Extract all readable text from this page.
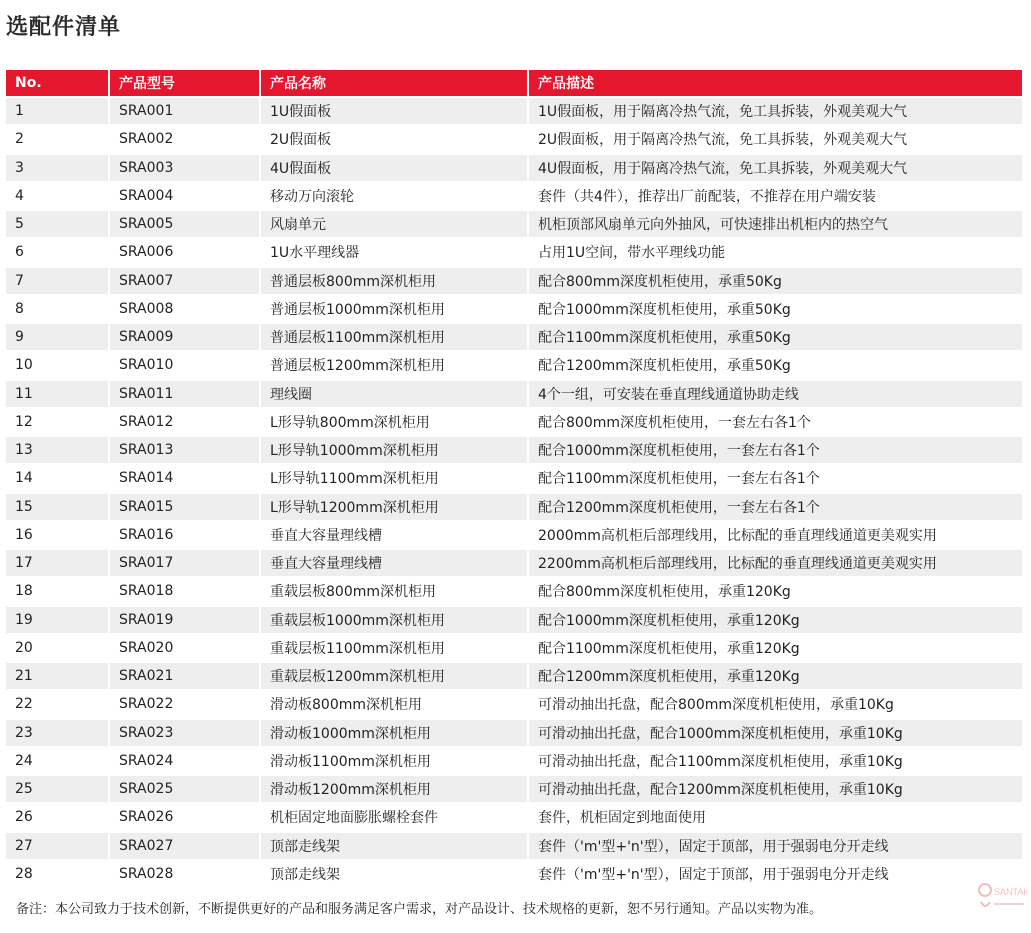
选配件清单
No.	产品型号	产品名称	产品描述
1	SRA001	1U假面板	1U假面板，用于隔离冷热气流，免工具拆装，外观美观大气
2	SRA002	2U假面板	2U假面板，用于隔离冷热气流，免工具拆装，外观美观大气
3	SRA003	4U假面板	4U假面板，用于隔离冷热气流，免工具拆装，外观美观大气
4	SRA004	移动万向滚轮	套件（共4件），推荐出厂前配装，不推荐在用户端安装
5	SRA005	风扇单元	机柜顶部风扇单元向外抽风，可快速排出机柜内的热空气
6	SRA006	1U水平理线器	占用1U空间，带水平理线功能
7	SRA007	普通层板800mm深机柜用	配合800mm深度机柜使用，承重50Kg
8	SRA008	普通层板1000mm深机柜用	配合1000mm深度机柜使用，承重50Kg
9	SRA009	普通层板1100mm深机柜用	配合1100mm深度机柜使用，承重50Kg
10	SRA010	普通层板1200mm深机柜用	配合1200mm深度机柜使用，承重50Kg
11	SRA011	理线圈	4个一组，可安装在垂直理线通道协助走线
12	SRA012	L形导轨800mm深机柜用	配合800mm深度机柜使用，一套左右各1个
13	SRA013	L形导轨1000mm深机柜用	配合1000mm深度机柜使用，一套左右各1个
14	SRA014	L形导轨1100mm深机柜用	配合1100mm深度机柜使用，一套左右各1个
15	SRA015	L形导轨1200mm深机柜用	配合1200mm深度机柜使用，一套左右各1个
16	SRA016	垂直大容量理线槽	2000mm高机柜后部理线用，比标配的垂直理线通道更美观实用
17	SRA017	垂直大容量理线槽	2200mm高机柜后部理线用，比标配的垂直理线通道更美观实用
18	SRA018	重载层板800mm深机柜用	配合800mm深度机柜使用，承重120Kg
19	SRA019	重载层板1000mm深机柜用	配合1000mm深度机柜使用，承重120Kg
20	SRA020	重载层板1100mm深机柜用	配合1100mm深度机柜使用，承重120Kg
21	SRA021	重载层板1200mm深机柜用	配合1200mm深度机柜使用，承重120Kg
22	SRA022	滑动板800mm深机柜用	可滑动抽出托盘，配合800mm深度机柜使用，承重10Kg
23	SRA023	滑动板1000mm深机柜用	可滑动抽出托盘，配合1000mm深度机柜使用，承重10Kg
24	SRA024	滑动板1100mm深机柜用	可滑动抽出托盘，配合1100mm深度机柜使用，承重10Kg
25	SRA025	滑动板1200mm深机柜用	可滑动抽出托盘，配合1200mm深度机柜使用，承重10Kg
26	SRA026	机柜固定地面膨胀螺栓套件	套件，机柜固定到地面使用
27	SRA027	顶部走线架	套件（'m'型+'n'型），固定于顶部，用于强弱电分开走线
28	SRA028	顶部走线架	套件（'m'型+'n'型），固定于顶部，用于强弱电分开走线
备注：本公司致力于技术创新，不断提供更好的产品和服务满足客户需求，对产品设计、技术规格的更新，恕不另行通知。产品以实物为准。
SANTAK
